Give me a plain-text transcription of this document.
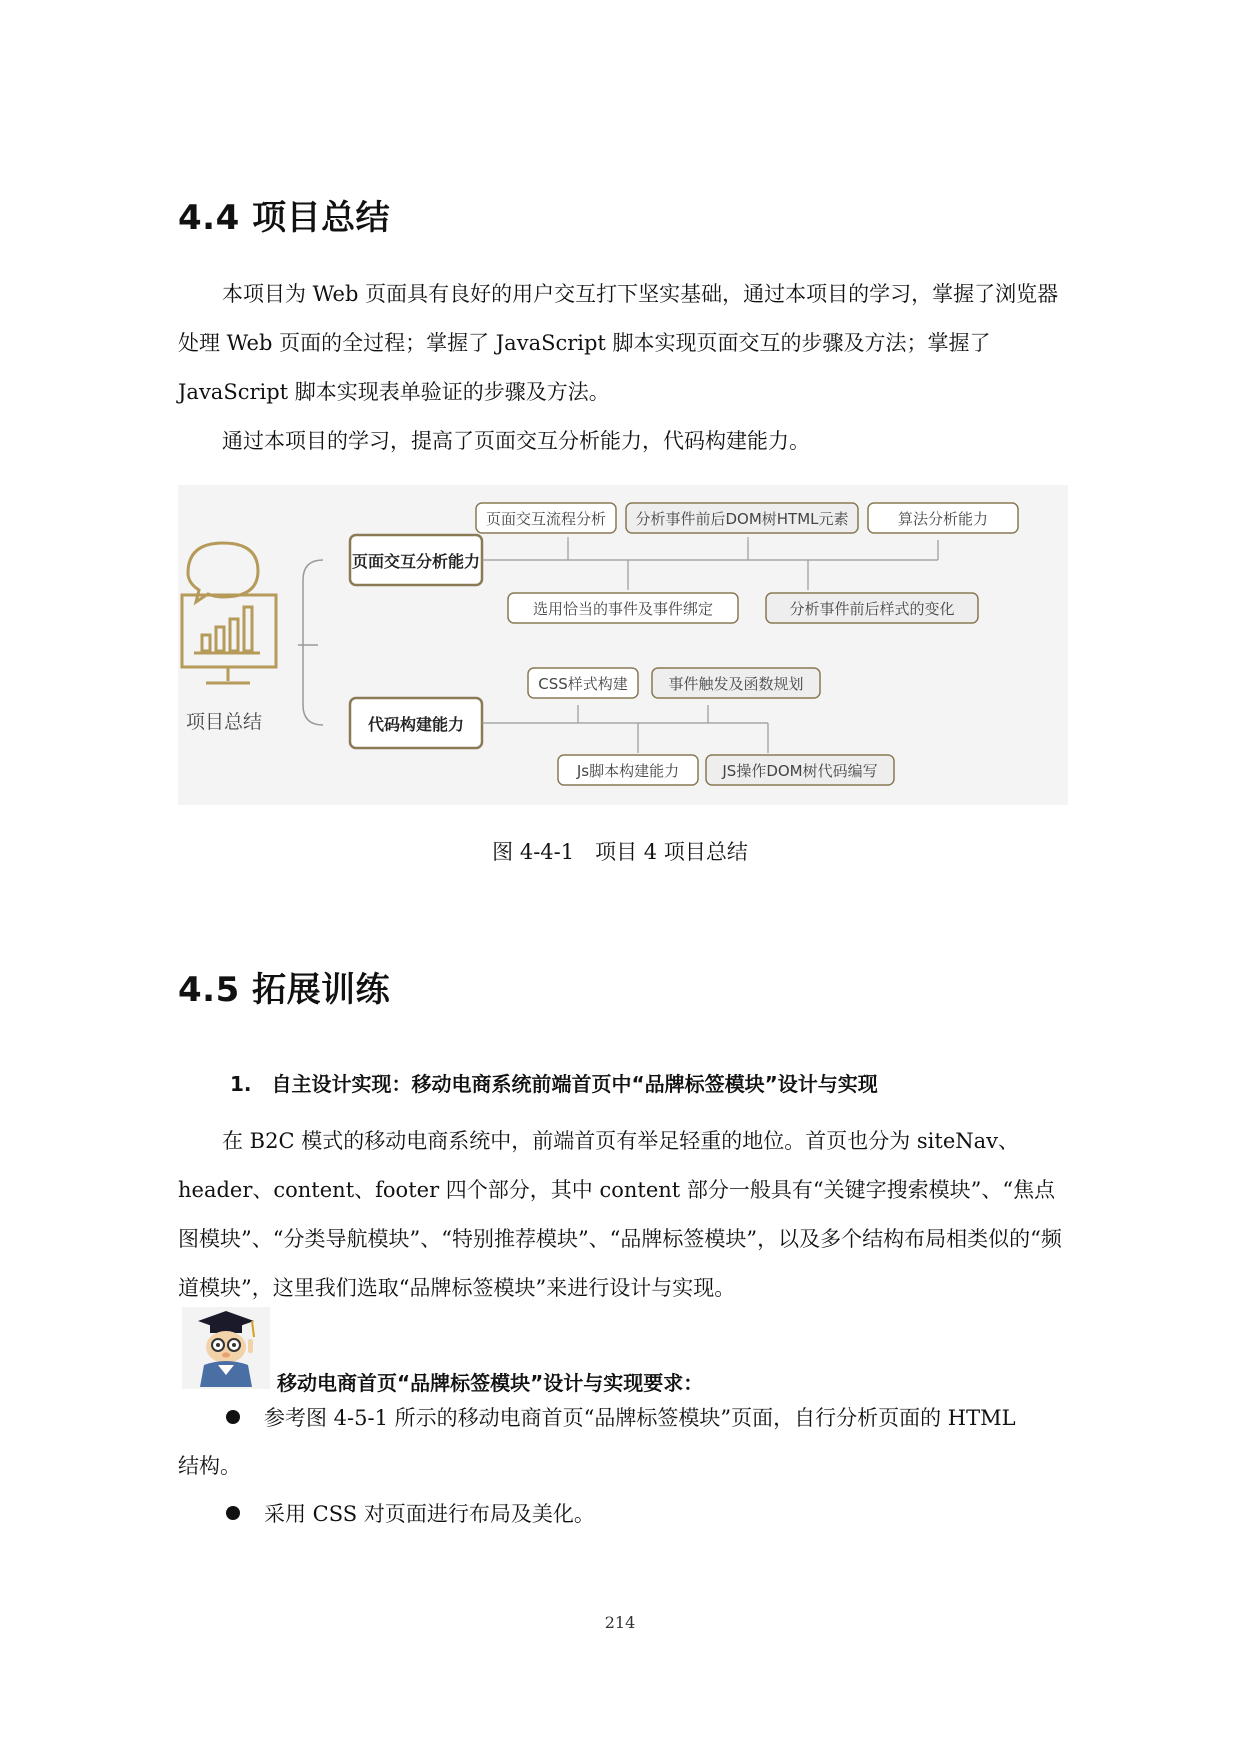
4.4 项目总结
本项目为 Web 页面具有良好的用户交互打下坚实基础，通过本项目的学习，掌握了浏览器处理 Web 页面的全过程；掌握了 JavaScript 脚本实现页面交互的步骤及方法；掌握了 JavaScript 脚本实现表单验证的步骤及方法。
通过本项目的学习，提高了页面交互分析能力，代码构建能力。
项目总结
页面交互分析能力
页面交互流程分析 分析事件前后DOM树HTML元素	算法分析能力
选用恰当的事件及事件绑定	分析事件前后样式的变化
代码构建能力
CSS样式构建	事件触发及函数规划
Js脚本构建能力	JS操作DOM树代码编写
图 4-4-1　项目 4 项目总结
4.5 拓展训练
1.　自主设计实现：移动电商系统前端首页中“品牌标签模块”设计与实现
在 B2C 模式的移动电商系统中，前端首页有举足轻重的地位。首页也分为 siteNav、header、content、footer 四个部分，其中 content 部分一般具有“关键字搜索模块”、“焦点图模块”、“分类导航模块”、“特别推荐模块”、“品牌标签模块”，以及多个结构布局相类似的“频道模块”，这里我们选取“品牌标签模块”来进行设计与实现。
移动电商首页“品牌标签模块”设计与实现要求：
参考图 4-5-1 所示的移动电商首页“品牌标签模块”页面，自行分析页面的 HTML
结构。
采用 CSS 对页面进行布局及美化。
214
